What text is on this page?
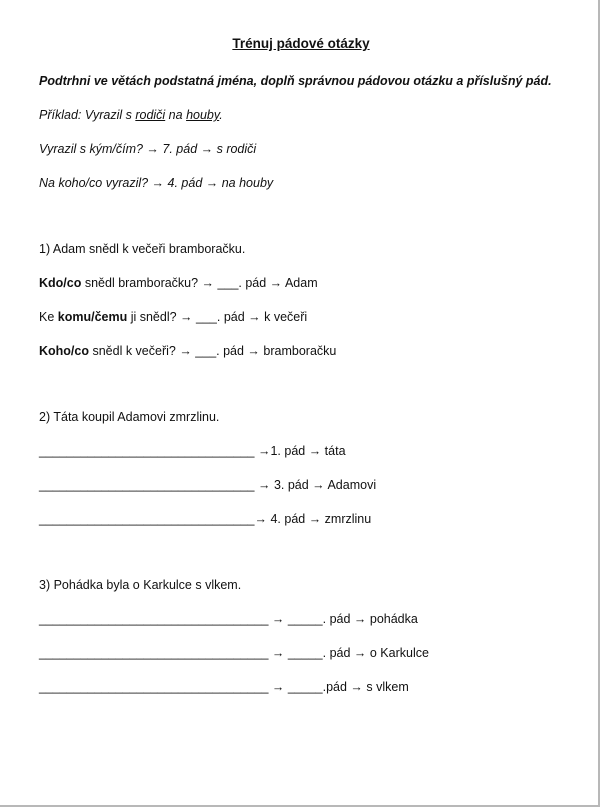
Trénuj pádové otázky
Podtrhni ve větách podstatná jména, doplň správnou pádovou otázku a příslušný pád.
Příklad: Vyrazil s rodiči na houby.
Vyrazil s kým/čím? → 7. pád → s rodiči
Na koho/co vyrazil? → 4. pád → na houby
1) Adam snědl k večeři bramboračku.
Kdo/co snědl bramboračku? → ___. pád → Adam
Ke komu/čemu ji snědl? → ___. pád → k večeři
Koho/co snědl k večeři? → ___. pád → bramboračku
2) Táta koupil Adamovi zmrzlinu.
_______________________________ →1. pád → táta
_______________________________ → 3. pád → Adamovi
_______________________________→ 4. pád → zmrzlinu
3) Pohádka byla o Karkulce s vlkem.
_________________________________ → _____. pád → pohádka
_________________________________ → _____. pád → o Karkulce
_________________________________ → _____.pád → s vlkem
